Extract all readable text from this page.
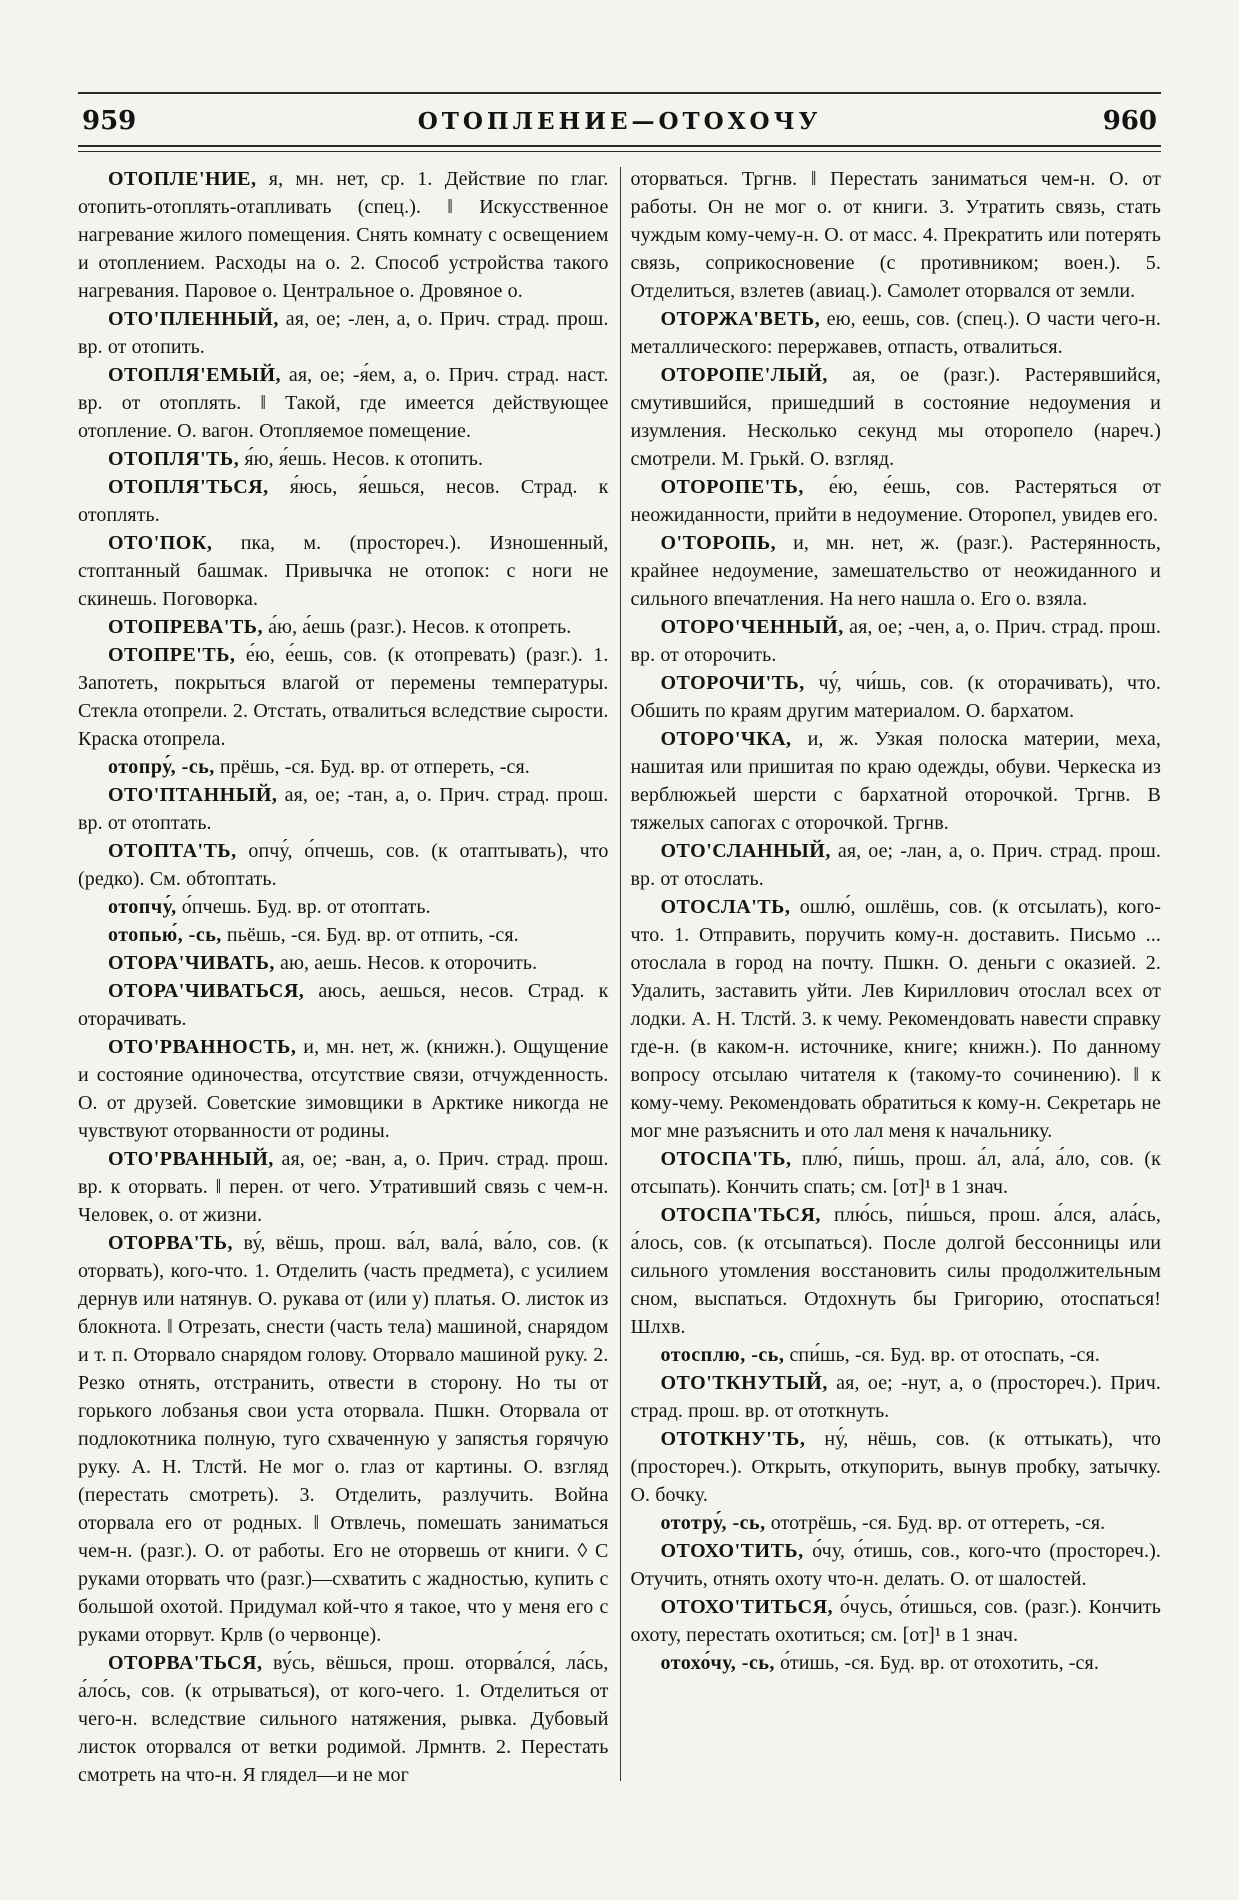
959	ОТОПЛЕНИЕ—ОТОХОЧУ	960

ОТОПЛЕ'НИЕ, я, мн. нет, ср. 1. Действие по глаг. отопить-отоплять-отапливать (спец.). ‖ Искусственное нагревание жилого помещения. Снять комнату с освещением и отоплением. Расходы на о. 2. Способ устройства такого нагревания. Паровое о. Центральное о. Дровяное о.

ОТО'ПЛЕННЫЙ, ая, ое; -лен, а, о. Прич. страд. прош. вр. от отопить.

ОТОПЛЯ'ЕМЫЙ, ая, ое; -я́ем, а, о. Прич. страд. наст. вр. от отоплять. ‖ Такой, где имеется действующее отопление. О. вагон. Отопляемое помещение.

ОТОПЛЯ'ТЬ, я́ю, я́ешь. Несов. к отопить.

ОТОПЛЯ'ТЬСЯ, я́юсь, я́ешься, несов. Страд. к отоплять.

ОТО'ПОК, пка, м. (простореч.). Изношенный, стоптанный башмак. Привычка не отопок: с ноги не скинешь. Поговорка.

ОТОПРЕВА'ТЬ, а́ю, а́ешь (разг.). Несов. к отопреть.

ОТОПРЕ'ТЬ, е́ю, е́ешь, сов. (к отопревать) (разг.). 1. Запотеть, покрыться влагой от перемены температуры. Стекла отопрели. 2. Отстать, отвалиться вследствие сырости. Краска отопрела.

отопру́, -сь, прёшь, -ся. Буд. вр. от отпереть, -ся.

ОТО'ПТАННЫЙ, ая, ое; -тан, а, о. Прич. страд. прош. вр. от отоптать.

ОТОПТА'ТЬ, опчу́, о́пчешь, сов. (к отаптывать), что (редко). См. обтоптать.

отопчу́, о́пчешь. Буд. вр. от отоптать.

отопью́, -сь, пьёшь, -ся. Буд. вр. от отпить, -ся.

ОТОРА'ЧИВАТЬ, аю, аешь. Несов. к оторочить.

ОТОРА'ЧИВАТЬСЯ, аюсь, аешься, несов. Страд. к оторачивать.

ОТО'РВАННОСТЬ, и, мн. нет, ж. (книжн.). Ощущение и состояние одиночества, отсутствие связи, отчужденность. О. от друзей. Советские зимовщики в Арктике никогда не чувствуют оторванности от родины.

ОТО'РВАННЫЙ, ая, ое; -ван, а, о. Прич. страд. прош. вр. к оторвать. ‖ перен. от чего. Утративший связь с чем-н. Человек, о. от жизни.

ОТОРВА'ТЬ, ву́, вёшь, прош. ва́л, вала́, ва́ло, сов. (к оторвать), кого-что. 1. Отделить (часть предмета), с усилием дернув или натянув. О. рукава от (или у) платья. О. листок из блокнота. ‖ Отрезать, снести (часть тела) машиной, снарядом и т. п. Оторвало снарядом голову. Оторвало машиной руку. 2. Резко отнять, отстранить, отвести в сторону. Но ты от горького лобзанья свои уста оторвала. Пшкн. Оторвала от подлокотника полную, туго схваченную у запястья горячую руку. А. Н. Тлстй. Не мог о. глаз от картины. О. взгляд (перестать смотреть). 3. Отделить, разлучить. Война оторвала его от родных. ‖ Отвлечь, помешать заниматься чем-н. (разг.). О. от работы. Его не оторвешь от книги. ◊ С руками оторвать что (разг.)—схватить с жадностью, купить с большой охотой. Придумал кой-что я такое, что у меня его с руками оторвут. Крлв (о червонце).

ОТОРВА'ТЬСЯ, ву́сь, вёшься, прош. оторва́лся́, ла́сь, а́ло́сь, сов. (к отрываться), от кого-чего. 1. Отделиться от чего-н. вследствие сильного натяжения, рывка. Дубовый листок оторвался от ветки родимой. Лрмнтв. 2. Перестать смотреть на что-н. Я глядел—и не мог

оторваться. Тргнв. ‖ Перестать заниматься чем-н. О. от работы. Он не мог о. от книги. 3. Утратить связь, стать чуждым кому-чему-н. О. от масс. 4. Прекратить или потерять связь, соприкосновение (с противником; воен.). 5. Отделиться, взлетев (авиац.). Самолет оторвался от земли.

ОТОРЖА'ВЕТЬ, ею, еешь, сов. (спец.). О части чего-н. металлического: перержавев, отпасть, отвалиться.

ОТОРОПЕ'ЛЫЙ, ая, ое (разг.). Растерявшийся, смутившийся, пришедший в состояние недоумения и изумления. Несколько секунд мы оторопело (нареч.) смотрели. М. Грькй. О. взгляд.

ОТОРОПЕ'ТЬ, е́ю, е́ешь, сов. Растеряться от неожиданности, прийти в недоумение. Оторопел, увидев его.

О'ТОРОПЬ, и, мн. нет, ж. (разг.). Растерянность, крайнее недоумение, замешательство от неожиданного и сильного впечатления. На него нашла о. Его о. взяла.

ОТОРО'ЧЕННЫЙ, ая, ое; -чен, а, о. Прич. страд. прош. вр. от оторочить.

ОТОРОЧИ'ТЬ, чу́, чи́шь, сов. (к оторачивать), что. Обшить по краям другим материалом. О. бархатом.

ОТОРО'ЧКА, и, ж. Узкая полоска материи, меха, нашитая или пришитая по краю одежды, обуви. Черкеска из верблюжьей шерсти с бархатной оторочкой. Тргнв. В тяжелых сапогах с оторочкой. Тргнв.

ОТО'СЛАННЫЙ, ая, ое; -лан, а, о. Прич. страд. прош. вр. от отослать.

ОТОСЛА'ТЬ, ошлю́, ошлёшь, сов. (к отсылать), кого-что. 1. Отправить, поручить кому-н. доставить. Письмо ... отослала в город на почту. Пшкн. О. деньги с оказией. 2. Удалить, заставить уйти. Лев Кириллович отослал всех от лодки. А. Н. Тлстй. 3. к чему. Рекомендовать навести справку где-н. (в каком-н. источнике, книге; книжн.). По данному вопросу отсылаю читателя к (такому-то сочинению). ‖ к кому-чему. Рекомендовать обратиться к кому-н. Секретарь не мог мне разъяснить и ото лал меня к начальнику.

ОТОСПА'ТЬ, плю́, пи́шь, прош. а́л, ала́, а́ло, сов. (к отсыпать). Кончить спать; см. [от]¹ в 1 знач.

ОТОСПА'ТЬСЯ, плю́сь, пи́шься, прош. а́лся, ала́сь, а́лось, сов. (к отсыпаться). После долгой бессонницы или сильного утомления восстановить силы продолжительным сном, выспаться. Отдохнуть бы Григорию, отоспаться! Шлхв.

отосплю, -сь, спи́шь, -ся. Буд. вр. от отоспать, -ся.

ОТО'ТКНУТЫЙ, ая, ое; -нут, а, о (простореч.). Прич. страд. прош. вр. от ототкнуть.

ОТОТКНУ'ТЬ, ну́, нёшь, сов. (к оттыкать), что (простореч.). Открыть, откупорить, вынув пробку, затычку. О. бочку.

ототру́, -сь, ототрёшь, -ся. Буд. вр. от оттереть, -ся.

ОТОХО'ТИТЬ, о́чу, о́тишь, сов., кого-что (простореч.). Отучить, отнять охоту что-н. делать. О. от шалостей.

ОТОХО'ТИТЬСЯ, о́чусь, о́тишься, сов. (разг.). Кончить охоту, перестать охотиться; см. [от]¹ в 1 знач.

отохо́чу, -сь, о́тишь, -ся. Буд. вр. от отохотить, -ся.
